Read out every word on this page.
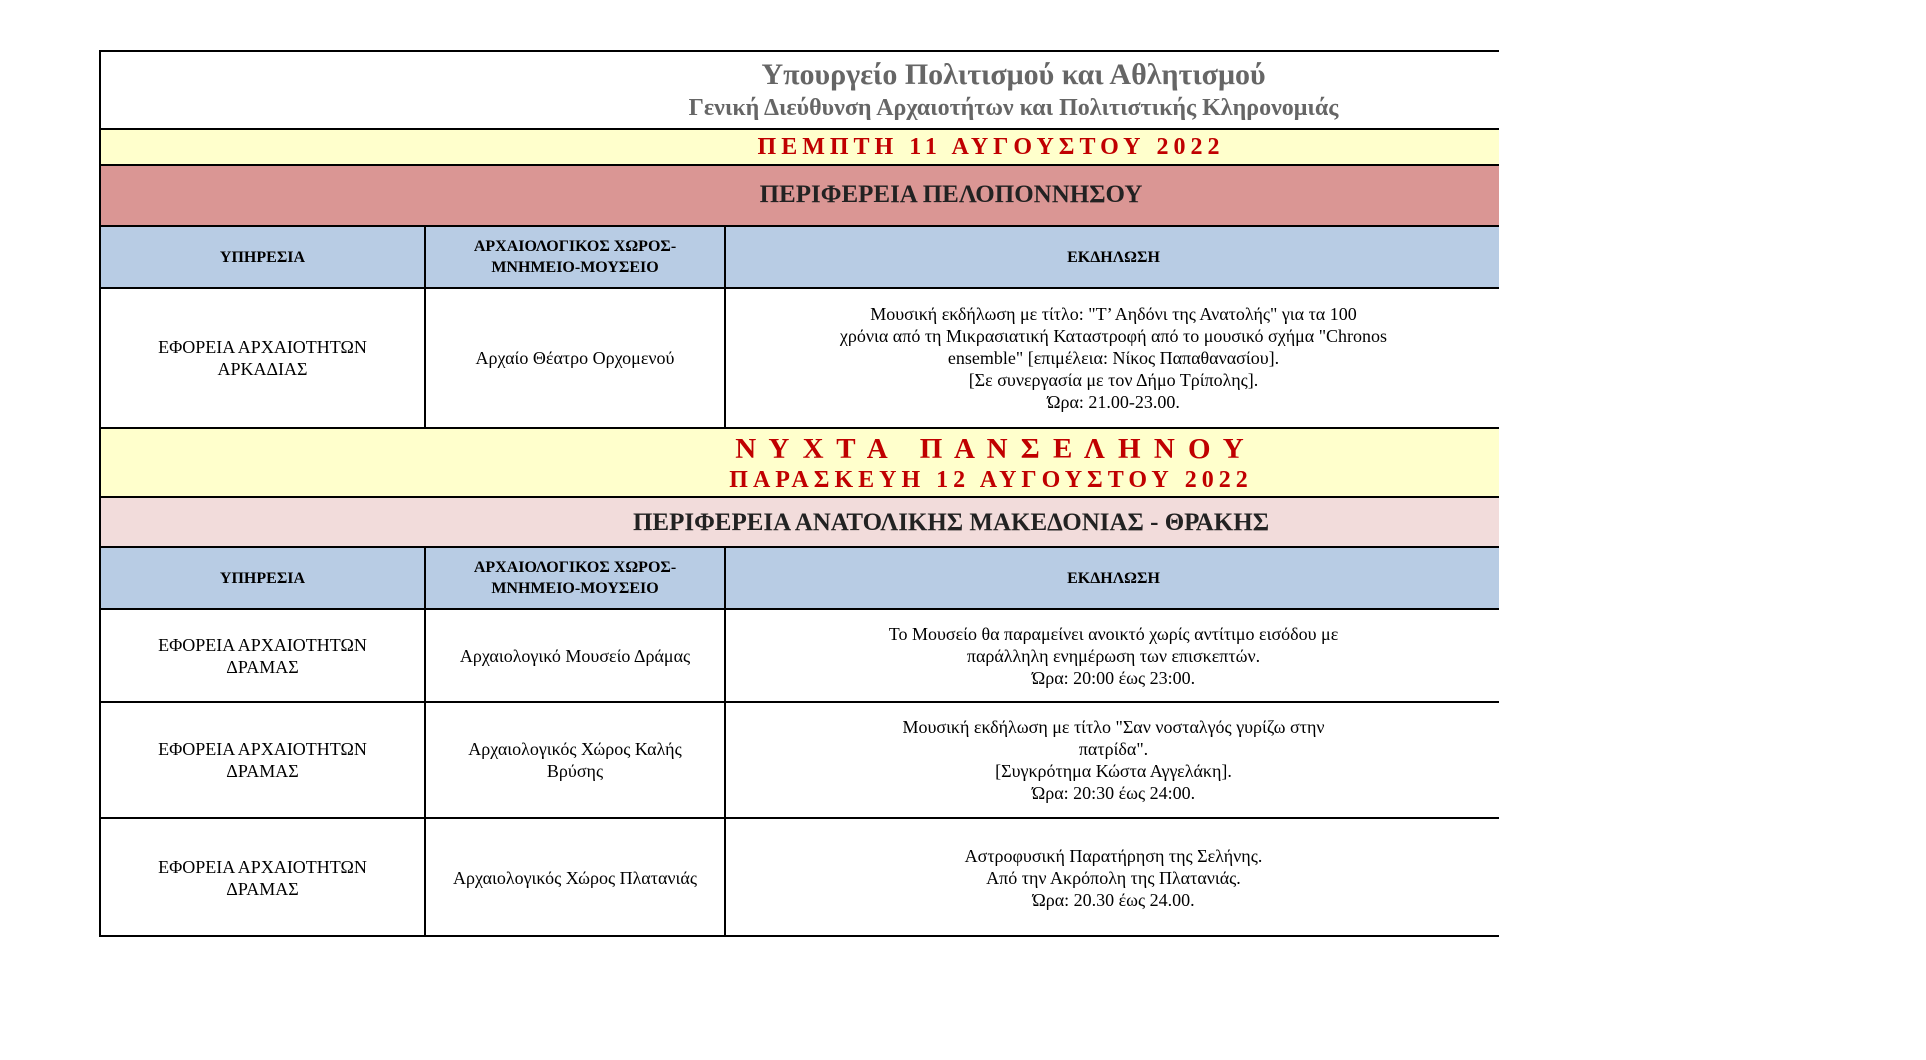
Υπουργείο Πολιτισμού και Αθλητισμού
Γενική Διεύθυνση Αρχαιοτήτων και Πολιτιστικής Κληρονομιάς
ΠΕΜΠΤΗ 11 ΑΥΓΟΥΣΤΟΥ 2022
ΠΕΡΙΦΕΡΕΙΑ ΠΕΛΟΠΟΝΝΗΣΟΥ
ΥΠΗΡΕΣΙΑ
ΑΡΧΑΙΟΛΟΓΙΚΟΣ ΧΩΡΟΣ-
ΜΝΗΜΕΙΟ-ΜΟΥΣΕΙΟ
ΕΚΔΗΛΩΣΗ
ΕΦΟΡΕΙΑ ΑΡΧΑΙΟΤΗΤΩΝ
ΑΡΚΑΔΙΑΣ
Αρχαίο Θέατρο Ορχομενού
Μουσική εκδήλωση με τίτλο: "Τ’ Αηδόνι της Ανατολής" για τα 100
χρόνια από τη Μικρασιατική Καταστροφή από το μουσικό σχήμα "Chronos
ensemble" [επιμέλεια: Νίκος Παπαθανασίου].
[Σε συνεργασία με τον Δήμο Τρίπολης].
Ώρα: 21.00-23.00.
Ν Υ Χ Τ Α   Π Α Ν Σ Ε Λ Η Ν Ο Υ
ΠΑΡΑΣΚΕΥΗ 12 ΑΥΓΟΥΣΤΟΥ 2022
ΠΕΡΙΦΕΡΕΙΑ ΑΝΑΤΟΛΙΚΗΣ ΜΑΚΕΔΟΝΙΑΣ - ΘΡΑΚΗΣ
ΥΠΗΡΕΣΙΑ
ΑΡΧΑΙΟΛΟΓΙΚΟΣ ΧΩΡΟΣ-
ΜΝΗΜΕΙΟ-ΜΟΥΣΕΙΟ
ΕΚΔΗΛΩΣΗ
ΕΦΟΡΕΙΑ ΑΡΧΑΙΟΤΗΤΩΝ
ΔΡΑΜΑΣ
Αρχαιολογικό Μουσείο Δράμας
Το Μουσείο θα παραμείνει ανοικτό χωρίς αντίτιμο εισόδου με
παράλληλη ενημέρωση των επισκεπτών.
Ώρα: 20:00 έως 23:00.
ΕΦΟΡΕΙΑ ΑΡΧΑΙΟΤΗΤΩΝ
ΔΡΑΜΑΣ
Αρχαιολογικός Χώρος Καλής
Βρύσης
Μουσική εκδήλωση με τίτλο "Σαν νοσταλγός γυρίζω στην
πατρίδα".
[Συγκρότημα Κώστα Αγγελάκη].
Ώρα: 20:30 έως 24:00.
ΕΦΟΡΕΙΑ ΑΡΧΑΙΟΤΗΤΩΝ
ΔΡΑΜΑΣ
Αρχαιολογικός Χώρος Πλατανιάς
Αστροφυσική Παρατήρηση της Σελήνης.
Από την Ακρόπολη της Πλατανιάς.
Ώρα: 20.30 έως 24.00.
